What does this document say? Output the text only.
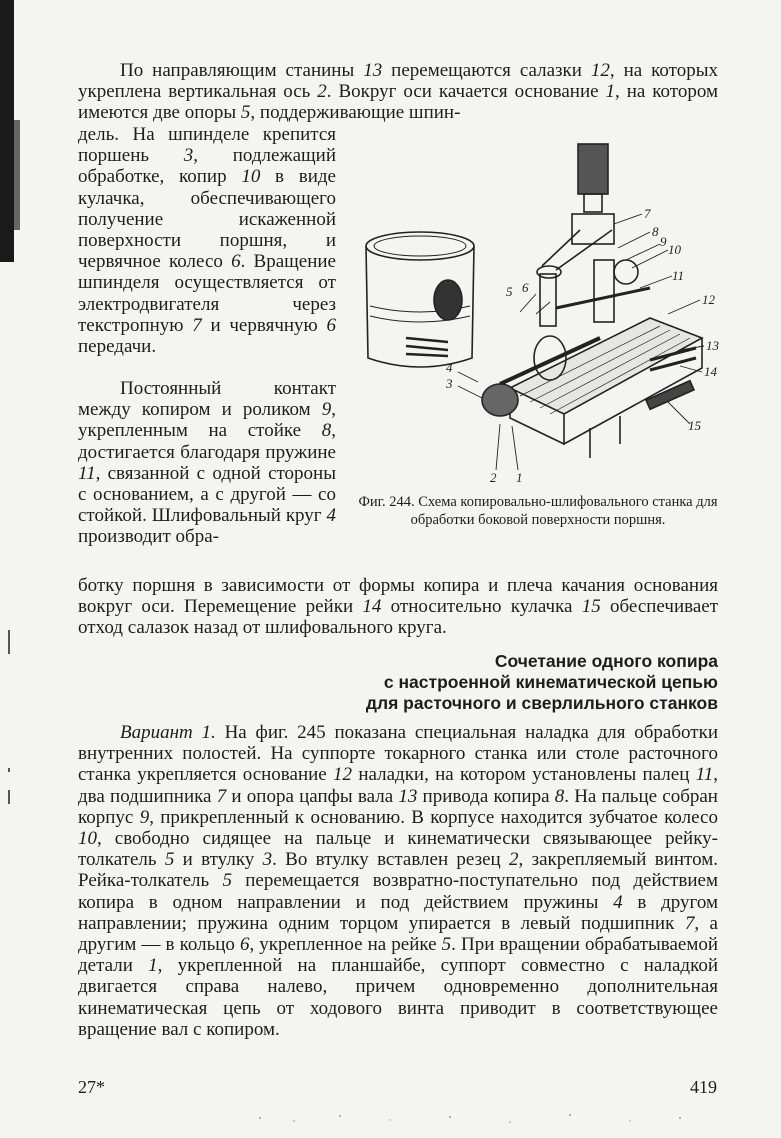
По направляющим станины 13 перемещаются салазки 12, на которых укреплена вертикальная ось 2. Вокруг оси качается основание 1, на котором имеются две опоры 5, поддерживающие шпин-

дель. На шпинделе крепится поршень 3, подлежащий обработке, копир 10 в виде кулачка, обеспечивающего получение искаженной поверхности поршня, и червячное колесо 6. Вращение шпинделя осуществляется от электродвигателя через текстропную 7 и червячную 6 передачи.

Постоянный контакт между копиром и роликом 9, укрепленным на стойке 8, достигается благодаря пружине 11, связанной с одной стороны с основанием, а с другой — со стойкой. Шлифовальный круг 4 производит обра-

ботку поршня в зависимости от формы копира и плеча качания основания вокруг оси. Перемещение рейки 14 относительно кулачка 15 обеспечивает отход салазок назад от шлифовального круга.

7
8
9
10
11
12
5 6
4
3
13
14
15
2 1
Фиг. 244. Схема копировально-шлифовального станка для обработки боковой поверхности поршня.
Сочетание одного копира
с настроенной кинематической цепью
для расточного и сверлильного станков

Вариант 1. На фиг. 245 показана специальная наладка для обработки внутренних полостей. На суппорте токарного станка или столе расточного станка укрепляется основание 12 наладки, на котором установлены палец 11, два подшипника 7 и опора цапфы вала 13 привода копира 8. На пальце собран корпус 9, прикрепленный к основанию. В корпусе находится зубчатое колесо 10, свободно сидящее на пальце и кинематически связывающее рейку-толкатель 5 и втулку 3. Во втулку вставлен резец 2, закрепляемый винтом. Рейка-толкатель 5 перемещается возвратно-поступательно под действием копира в одном направлении и под действием пружины 4 в другом направлении; пружина одним торцом упирается в левый подшипник 7, а другим — в кольцо 6, укрепленное на рейке 5. При вращении обрабатываемой детали 1, укрепленной на планшайбе, суппорт совместно с наладкой двигается справа налево, причем одновременно дополнительная кинематическая цепь от ходового винта приводит в соответствующее вращение вал с копиром.

27*	419
